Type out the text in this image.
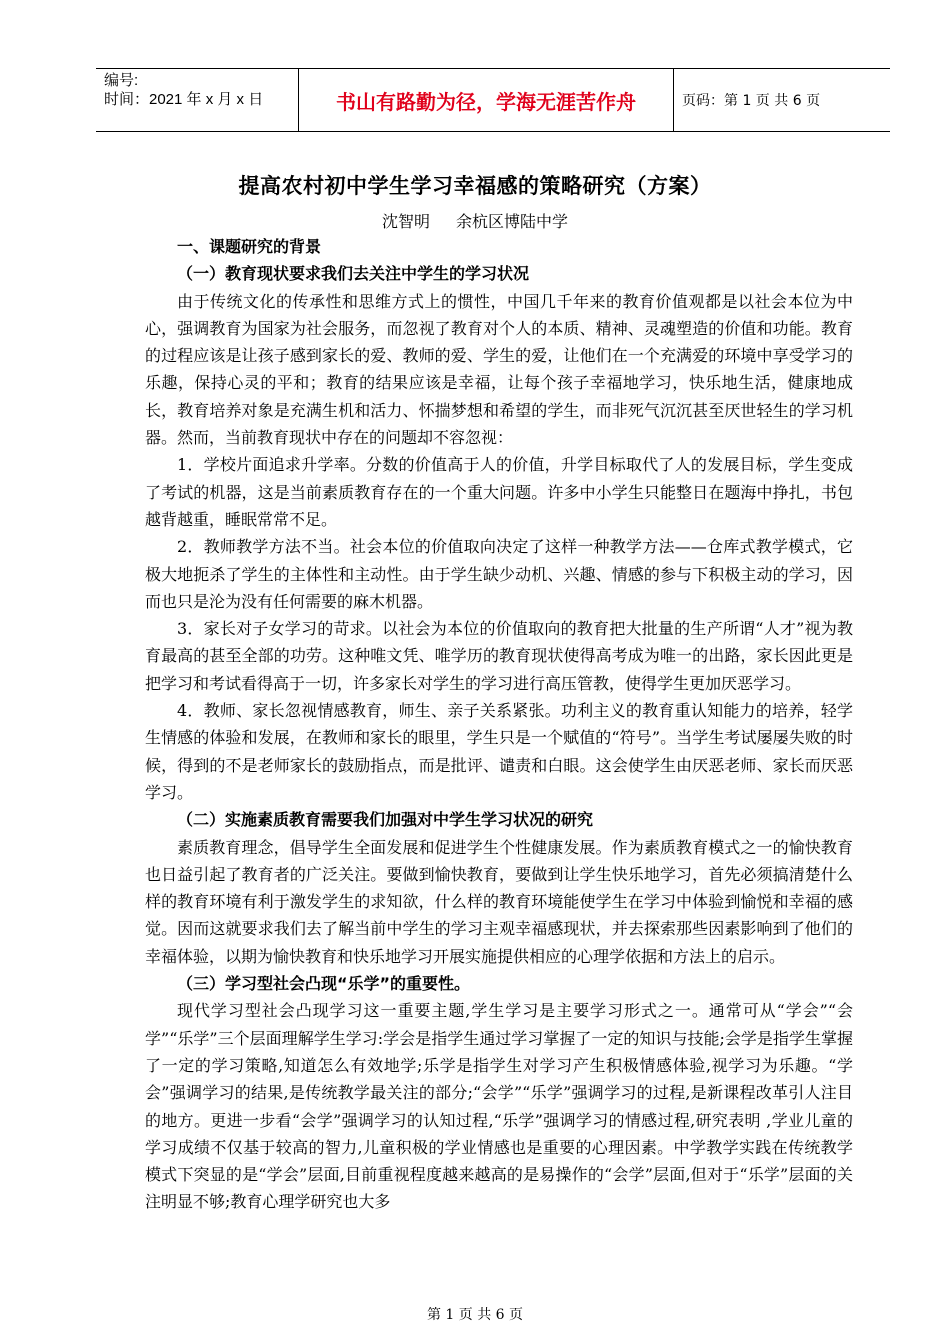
编号:
时间：2021 年 x 月 x 日	书山有路勤为径，学海无涯苦作舟	页码：第 1 页 共 6 页
提高农村初中学生学习幸福感的策略研究（方案）
沈智明 余杭区博陆中学

一、课题研究的背景

（一）教育现状要求我们去关注中学生的学习状况

由于传统文化的传承性和思维方式上的惯性，中国几千年来的教育价值观都是以社会本位为中心，强调教育为国家为社会服务，而忽视了教育对个人的本质、精神、灵魂塑造的价值和功能。教育的过程应该是让孩子感到家长的爱、教师的爱、学生的爱，让他们在一个充满爱的环境中享受学习的乐趣，保持心灵的平和；教育的结果应该是幸福，让每个孩子幸福地学习，快乐地生活，健康地成长，教育培养对象是充满生机和活力、怀揣梦想和希望的学生，而非死气沉沉甚至厌世轻生的学习机器。然而，当前教育现状中存在的问题却不容忽视：

1．学校片面追求升学率。分数的价值高于人的价值，升学目标取代了人的发展目标，学生变成了考试的机器，这是当前素质教育存在的一个重大问题。许多中小学生只能整日在题海中挣扎，书包越背越重，睡眠常常不足。

2．教师教学方法不当。社会本位的价值取向决定了这样一种教学方法——仓库式教学模式，它极大地扼杀了学生的主体性和主动性。由于学生缺少动机、兴趣、情感的参与下积极主动的学习，因而也只是沦为没有任何需要的麻木机器。

3．家长对子女学习的苛求。以社会为本位的价值取向的教育把大批量的生产所谓“人才”视为教育最高的甚至全部的功劳。这种唯文凭、唯学历的教育现状使得高考成为唯一的出路，家长因此更是把学习和考试看得高于一切，许多家长对学生的学习进行高压管教，使得学生更加厌恶学习。

4．教师、家长忽视情感教育，师生、亲子关系紧张。功利主义的教育重认知能力的培养，轻学生情感的体验和发展，在教师和家长的眼里，学生只是一个赋值的“符号”。当学生考试屡屡失败的时候，得到的不是老师家长的鼓励指点，而是批评、谴责和白眼。这会使学生由厌恶老师、家长而厌恶学习。

（二）实施素质教育需要我们加强对中学生学习状况的研究

素质教育理念，倡导学生全面发展和促进学生个性健康发展。作为素质教育模式之一的愉快教育也日益引起了教育者的广泛关注。要做到愉快教育，要做到让学生快乐地学习，首先必须搞清楚什么样的教育环境有利于激发学生的求知欲，什么样的教育环境能使学生在学习中体验到愉悦和幸福的感觉。因而这就要求我们去了解当前中学生的学习主观幸福感现状，并去探索那些因素影响到了他们的幸福体验，以期为愉快教育和快乐地学习开展实施提供相应的心理学依据和方法上的启示。

（三）学习型社会凸现“乐学”的重要性。

现代学习型社会凸现学习这一重要主题,学生学习是主要学习形式之一。通常可从“学会”“会学”“乐学”三个层面理解学生学习:学会是指学生通过学习掌握了一定的知识与技能;会学是指学生掌握了一定的学习策略,知道怎么有效地学;乐学是指学生对学习产生积极情感体验,视学习为乐趣。“学会”强调学习的结果,是传统教学最关注的部分;“会学”“乐学”强调学习的过程,是新课程改革引人注目的地方。更进一步看“会学”强调学习的认知过程,“乐学”强调学习的情感过程,研究表明 ,学业儿童的学习成绩不仅基于较高的智力,儿童积极的学业情感也是重要的心理因素。中学教学实践在传统教学模式下突显的是“学会”层面,目前重视程度越来越高的是易操作的“会学”层面,但对于“乐学”层面的关注明显不够;教育心理学研究也大多

第 1 页 共 6 页
